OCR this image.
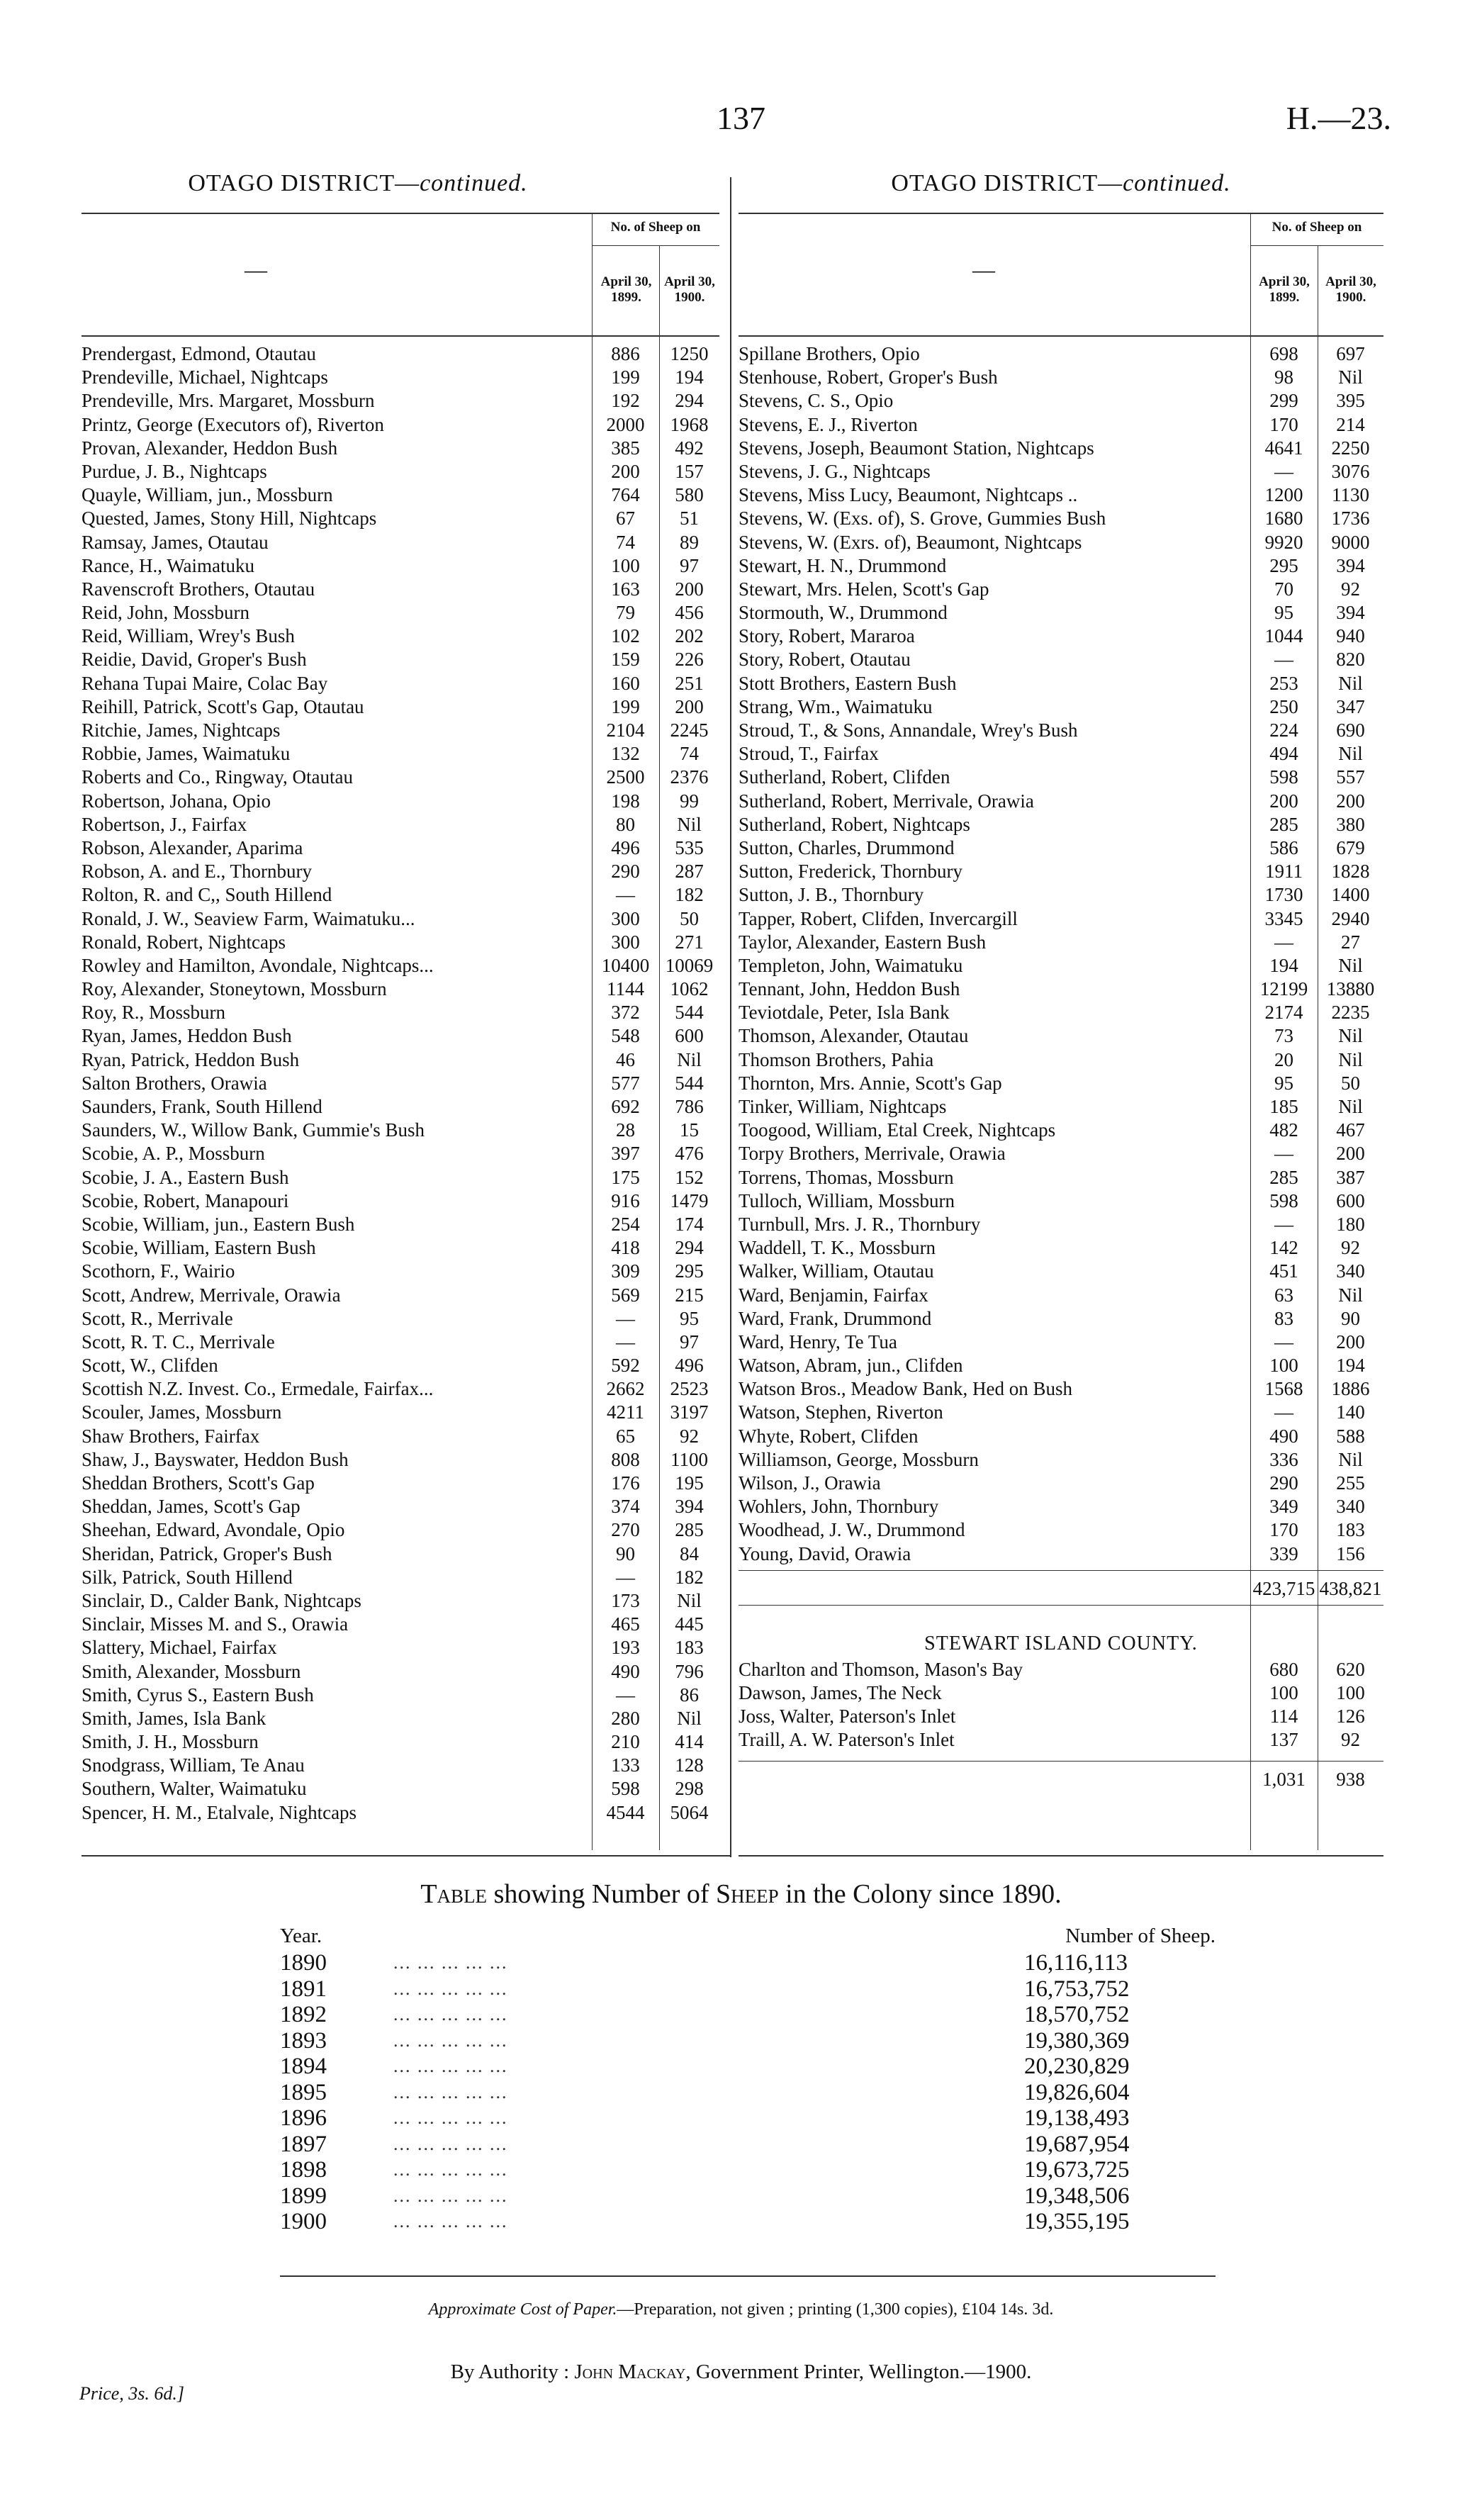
137	H.—23.
OTAGO DISTRICT—continued.	OTAGO DISTRICT—continued.
—
No. of Sheep on
April 30, 1899.
April 30, 1900.
Prendergast, Edmond, Otautau	886	1250
Prendeville, Michael, Nightcaps	199	194
Prendeville, Mrs. Margaret, Mossburn	192	294
Printz, George (Executors of), Riverton	2000	1968
Provan, Alexander, Heddon Bush	385	492
Purdue, J. B., Nightcaps	200	157
Quayle, William, jun., Mossburn	764	580
Quested, James, Stony Hill, Nightcaps	67	51
Ramsay, James, Otautau	74	89
Rance, H., Waimatuku	100	97
Ravenscroft Brothers, Otautau	163	200
Reid, John, Mossburn	79	456
Reid, William, Wrey's Bush	102	202
Reidie, David, Groper's Bush	159	226
Rehana Tupai Maire, Colac Bay	160	251
Reihill, Patrick, Scott's Gap, Otautau	199	200
Ritchie, James, Nightcaps	2104	2245
Robbie, James, Waimatuku	132	74
Roberts and Co., Ringway, Otautau	2500	2376
Robertson, Johana, Opio	198	99
Robertson, J., Fairfax	80	Nil
Robson, Alexander, Aparima	496	535
Robson, A. and E., Thornbury	290	287
Rolton, R. and C,, South Hillend	—	182
Ronald, J. W., Seaview Farm, Waimatuku...	300	50
Ronald, Robert, Nightcaps	300	271
Rowley and Hamilton, Avondale, Nightcaps...	10400 10069
Roy, Alexander, Stoneytown, Mossburn	1144	1062
Roy, R., Mossburn	372	544
Ryan, James, Heddon Bush	548	600
Ryan, Patrick, Heddon Bush	46	Nil
Salton Brothers, Orawia	577	544
Saunders, Frank, South Hillend	692	786
Saunders, W., Willow Bank, Gummie's Bush	28	15
Scobie, A. P., Mossburn	397	476
Scobie, J. A., Eastern Bush	175	152
Scobie, Robert, Manapouri	916	1479
Scobie, William, jun., Eastern Bush	254	174
Scobie, William, Eastern Bush	418	294
Scothorn, F., Wairio	309	295
Scott, Andrew, Merrivale, Orawia	569	215
Scott, R., Merrivale	—	95
Scott, R. T. C., Merrivale	—	97
Scott, W., Clifden	592	496
Scottish N.Z. Invest. Co., Ermedale, Fairfax...	2662	2523
Scouler, James, Mossburn	4211	3197
Shaw Brothers, Fairfax	65	92
Shaw, J., Bayswater, Heddon Bush	808	1100
Sheddan Brothers, Scott's Gap	176	195
Sheddan, James, Scott's Gap	374	394
Sheehan, Edward, Avondale, Opio	270	285
Sheridan, Patrick, Groper's Bush	90	84
Silk, Patrick, South Hillend	—	182
Sinclair, D., Calder Bank, Nightcaps	173	Nil
Sinclair, Misses M. and S., Orawia	465	445
Slattery, Michael, Fairfax	193	183
Smith, Alexander, Mossburn	490	796
Smith, Cyrus S., Eastern Bush	—	86
Smith, James, Isla Bank	280	Nil
Smith, J. H., Mossburn	210	414
Snodgrass, William, Te Anau	133	128
Southern, Walter, Waimatuku	598	298
Spencer, H. M., Etalvale, Nightcaps	4544	5064
—
No. of Sheep on
April 30, 1899.
April 30, 1900.
Spillane Brothers, Opio	698	697
Stenhouse, Robert, Groper's Bush	98	Nil
Stevens, C. S., Opio	299	395
Stevens, E. J., Riverton	170	214
Stevens, Joseph, Beaumont Station, Nightcaps	4641	2250
Stevens, J. G., Nightcaps	—	3076
Stevens, Miss Lucy, Beaumont, Nightcaps ..	1200	1130
Stevens, W. (Exs. of), S. Grove, Gummies Bush	1680	1736
Stevens, W. (Exrs. of), Beaumont, Nightcaps	9920	9000
Stewart, H. N., Drummond	295	394
Stewart, Mrs. Helen, Scott's Gap	70	92
Stormouth, W., Drummond	95	394
Story, Robert, Mararoa	1044	940
Story, Robert, Otautau	—	820
Stott Brothers, Eastern Bush	253	Nil
Strang, Wm., Waimatuku	250	347
Stroud, T., & Sons, Annandale, Wrey's Bush	224	690
Stroud, T., Fairfax	494	Nil
Sutherland, Robert, Clifden	598	557
Sutherland, Robert, Merrivale, Orawia	200	200
Sutherland, Robert, Nightcaps	285	380
Sutton, Charles, Drummond	586	679
Sutton, Frederick, Thornbury	1911	1828
Sutton, J. B., Thornbury	1730	1400
Tapper, Robert, Clifden, Invercargill	3345	2940
Taylor, Alexander, Eastern Bush	—	27
Templeton, John, Waimatuku	194	Nil
Tennant, John, Heddon Bush	12199 13880
Teviotdale, Peter, Isla Bank	2174	2235
Thomson, Alexander, Otautau	73	Nil
Thomson Brothers, Pahia	20	Nil
Thornton, Mrs. Annie, Scott's Gap	95	50
Tinker, William, Nightcaps	185	Nil
Toogood, William, Etal Creek, Nightcaps	482	467
Torpy Brothers, Merrivale, Orawia	—	200
Torrens, Thomas, Mossburn	285	387
Tulloch, William, Mossburn	598	600
Turnbull, Mrs. J. R., Thornbury	—	180
Waddell, T. K., Mossburn	142	92
Walker, William, Otautau	451	340
Ward, Benjamin, Fairfax	63	Nil
Ward, Frank, Drummond	83	90
Ward, Henry, Te Tua	—	200
Watson, Abram, jun., Clifden	100	194
Watson Bros., Meadow Bank, Hed on Bush	1568	1886
Watson, Stephen, Riverton	—	140
Whyte, Robert, Clifden	490	588
Williamson, George, Mossburn	336	Nil
Wilson, J., Orawia	290	255
Wohlers, John, Thornbury	349	340
Woodhead, J. W., Drummond	170	183
Young, David, Orawia	339	156
423,715 438,821
STEWART ISLAND COUNTY.
Charlton and Thomson, Mason's Bay	680	620
Dawson, James, The Neck	100	100
Joss, Walter, Paterson's Inlet	114	126
Traill, A. W. Paterson's Inlet	137	92
1,031	938
Table showing Number of Sheep in the Colony since 1890.
Year.	Number of Sheep.
1890	... ... ... ... ...	16,116,113
1891	... ... ... ... ...	16,753,752
1892	... ... ... ... ...	18,570,752
1893	... ... ... ... ...	19,380,369
1894	... ... ... ... ...	20,230,829
1895	... ... ... ... ...	19,826,604
1896	... ... ... ... ...	19,138,493
1897	... ... ... ... ...	19,687,954
1898	... ... ... ... ...	19,673,725
1899	... ... ... ... ...	19,348,506
1900	... ... ... ... ...	19,355,195
Approximate Cost of Paper.—Preparation, not given ; printing (1,300 copies), £104 14s. 3d.
By Authority : John Mackay, Government Printer, Wellington.—1900.
Price, 3s. 6d.]
